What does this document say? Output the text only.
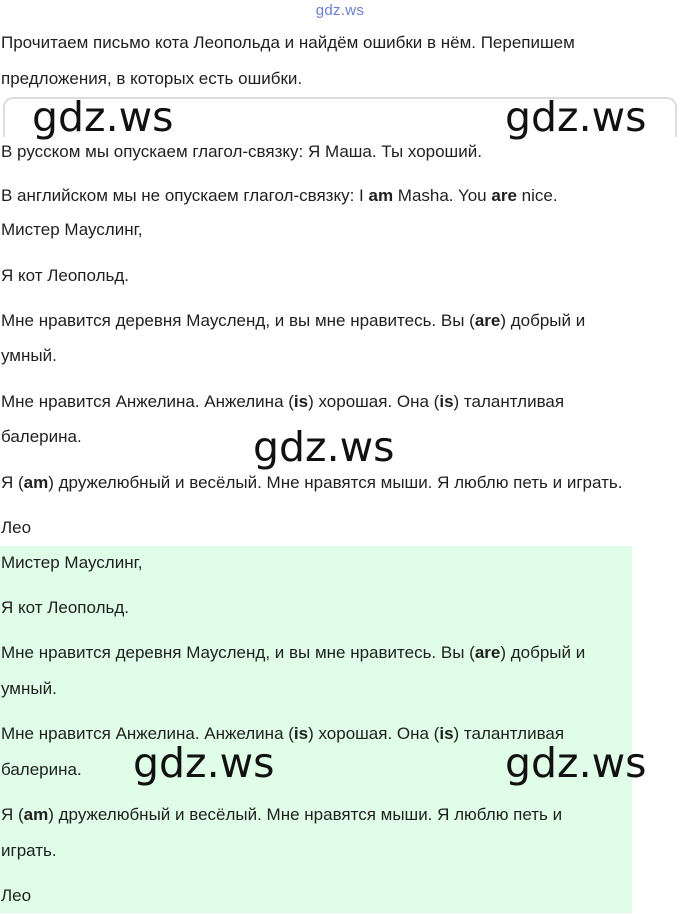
gdz.ws

Прочитаем письмо кота Леопольда и найдём ошибки в нём. Перепишем

предложения, в которых есть ошибки.

В русском мы опускаем глагол-связку: Я Маша. Ты хороший.

В английском мы не опускаем глагол-связку: I am Masha. You are nice.

Мистер Мауслинг,

Я кот Леопольд.

Мне нравится деревня Маусленд, и вы мне нравитесь. Вы (are) добрый и

умный.

Мне нравится Анжелина. Анжелина (is) хорошая. Она (is) талантливая

балерина.

Я (am) дружелюбный и весёлый. Мне нравятся мыши. Я люблю петь и играть.

Лео

Мистер Мауслинг,

Я кот Леопольд.

Мне нравится деревня Маусленд, и вы мне нравитесь. Вы (are) добрый и

умный.

Мне нравится Анжелина. Анжелина (is) хорошая. Она (is) талантливая

балерина.

Я (am) дружелюбный и весёлый. Мне нравятся мыши. Я люблю петь и

играть.

Лео

gdz.ws	gdz.ws
gdz.ws
gdz.ws	gdz.ws
